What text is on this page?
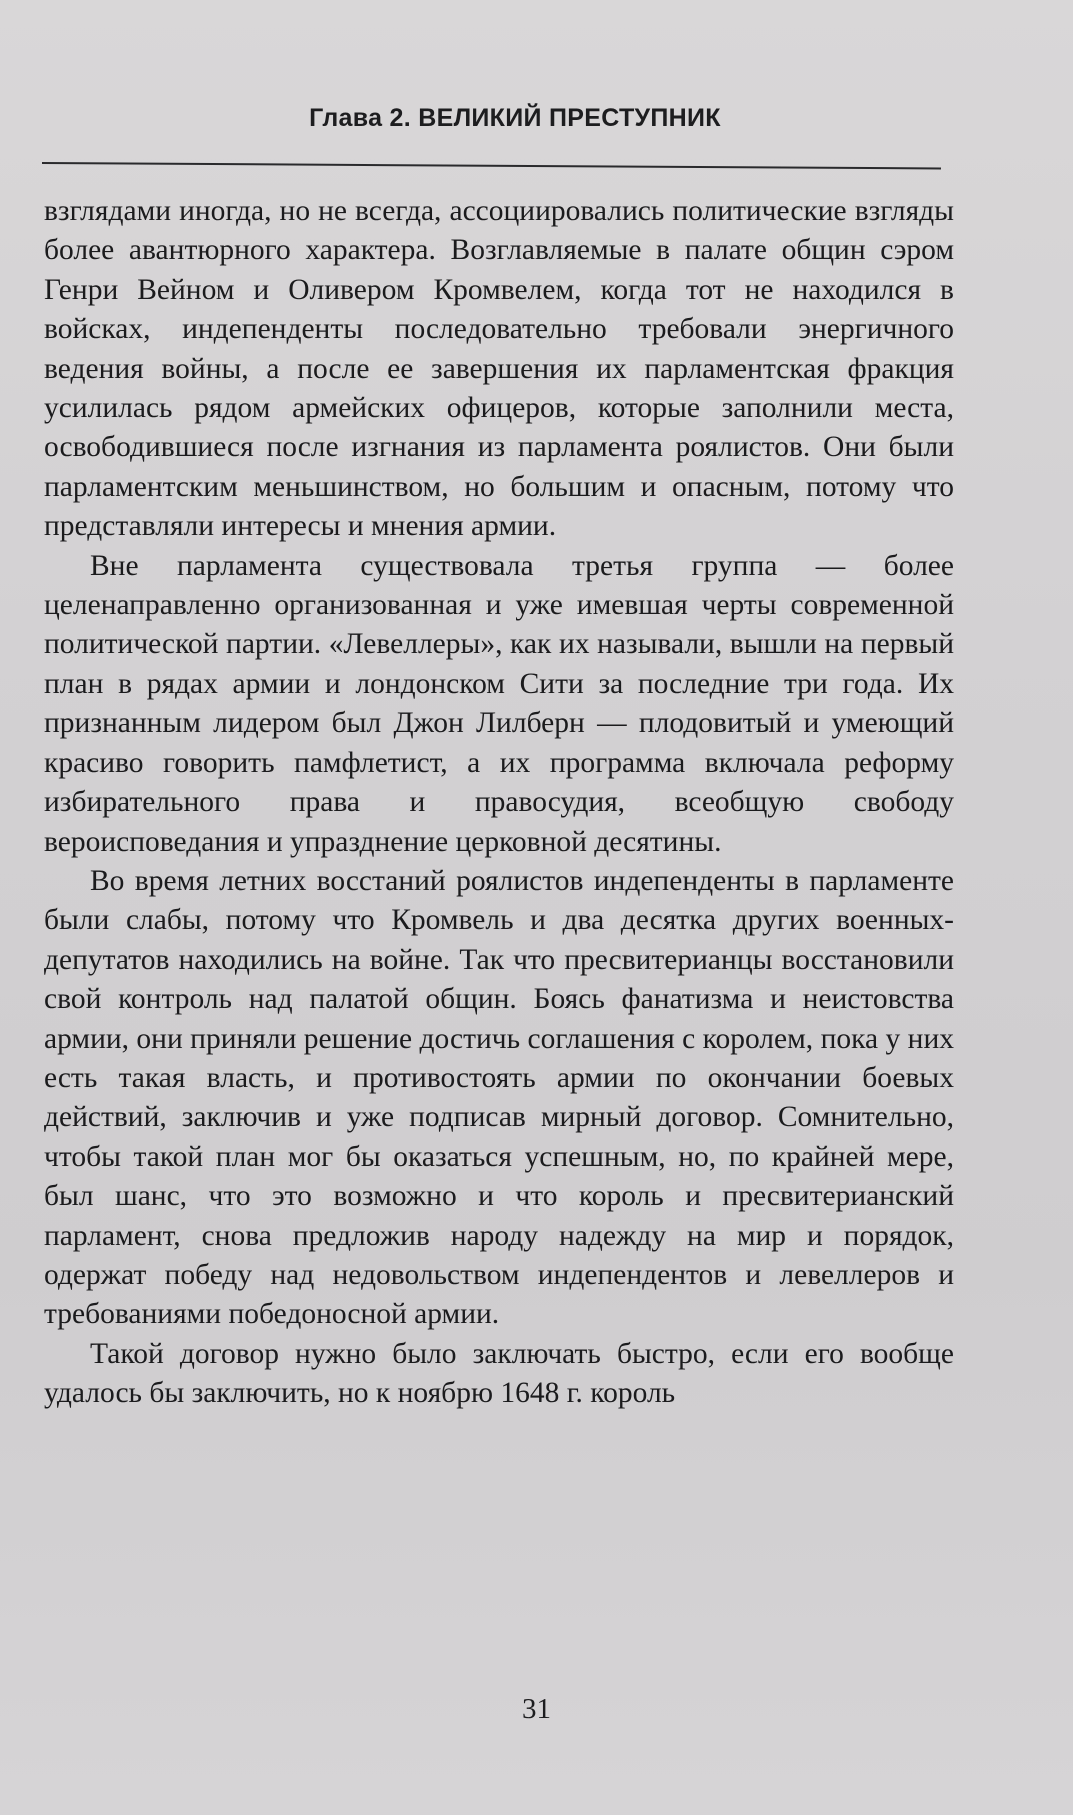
Глава 2. ВЕЛИКИЙ ПРЕСТУПНИК

взглядами иногда, но не всегда, ассоциировались политические взгляды более авантюрного характера. Возглавляемые в палате общин сэром Генри Вейном и Оливером Кромвелем, когда тот не находился в войсках, индепенденты последовательно требовали энергичного ведения войны, а после ее завершения их парламентская фракция усилилась рядом армейских офицеров, которые заполнили места, освободившиеся после изгнания из парламента роялистов. Они были парламентским меньшинством, но большим и опасным, потому что представляли интересы и мнения армии.

Вне парламента существовала третья группа — более целенаправленно организованная и уже имевшая черты современной политической партии. «Левеллеры», как их называли, вышли на первый план в рядах армии и лондонском Сити за последние три года. Их признанным лидером был Джон Лилберн — плодовитый и умеющий красиво говорить памфлетист, а их программа включала реформу избирательного права и правосудия, всеобщую свободу вероисповедания и упразднение церковной десятины.

Во время летних восстаний роялистов индепенденты в парламенте были слабы, потому что Кромвель и два десятка других военных-депутатов находились на войне. Так что пресвитерианцы восстановили свой контроль над палатой общин. Боясь фанатизма и неистовства армии, они приняли решение достичь соглашения с королем, пока у них есть такая власть, и противостоять армии по окончании боевых действий, заключив и уже подписав мирный договор. Сомнительно, чтобы такой план мог бы оказаться успешным, но, по крайней мере, был шанс, что это возможно и что король и пресвитерианский парламент, снова предложив народу надежду на мир и порядок, одержат победу над недовольством индепендентов и левеллеров и требованиями победоносной армии.

Такой договор нужно было заключать быстро, если его вообще удалось бы заключить, но к ноябрю 1648 г. король

31
